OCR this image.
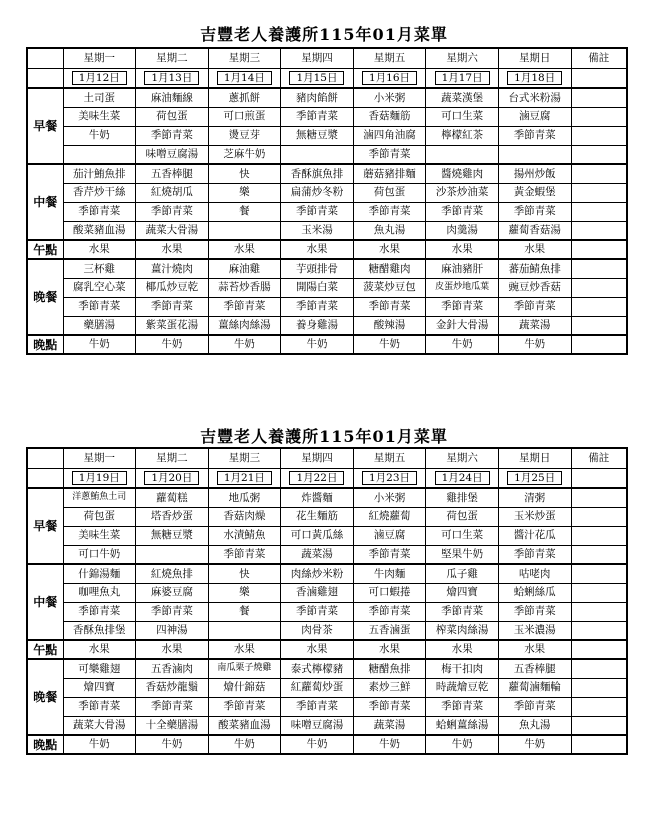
吉豐老人養護所115年01月菜單
	星期一	星期二	星期三	星期四	星期五	星期六	星期日	備註
	1月12日	1月13日	1月14日	1月15日	1月16日	1月17日	1月18日	
早餐	土司蛋	麻油麵線	蔥抓餅	豬肉餡餅	小米粥	蔬菜漢堡	台式米粉湯	
	美味生菜	荷包蛋	可口煎蛋	季節青菜	香菇麵筋	可口生菜	滷豆腐	
	牛奶	季節青菜	燙豆芽	無糖豆漿	滷四角油腐	檸檬紅茶	季節青菜	
		味噌豆腐湯	芝麻牛奶		季節青菜			
中餐	茄汁鮪魚排	五香棒腿	快	香酥旗魚排	蘑菇豬排麵	醬燒雞肉	揚州炒飯	
	香芹炒干絲	紅燒胡瓜	樂	扁蒲炒冬粉	荷包蛋	沙茶炒油菜	黃金蝦堡	
	季節青菜	季節青菜	餐	季節青菜	季節青菜	季節青菜	季節青菜	
	酸菜豬血湯	蔬菜大骨湯		玉米湯	魚丸湯	肉羹湯	蘿蔔香菇湯	
午點	水果	水果	水果	水果	水果	水果	水果	
晚餐	三杯雞	薑汁燒肉	麻油雞	芋頭排骨	糖醋雞肉	麻油豬肝	蕃茄鯖魚排	
	腐乳空心菜	椰瓜炒豆乾	蒜苔炒香腸	開陽白菜	菠菜炒豆包	皮蛋炒地瓜葉	豌豆炒香菇	
	季節青菜	季節青菜	季節青菜	季節青菜	季節青菜	季節青菜	季節青菜	
	藥膳湯	紫菜蛋花湯	薑絲肉絲湯	養身雞湯	酸辣湯	金針大骨湯	蔬菜湯	
晚點	牛奶	牛奶	牛奶	牛奶	牛奶	牛奶	牛奶	
吉豐老人養護所115年01月菜單
	星期一	星期二	星期三	星期四	星期五	星期六	星期日	備註
	1月19日	1月20日	1月21日	1月22日	1月23日	1月24日	1月25日	
早餐	洋蔥鮪魚土司	蘿蔔糕	地瓜粥	炸醬麵	小米粥	雞排堡	清粥	
	荷包蛋	塔香炒蛋	香菇肉燥	花生麵筋	紅燒蘿蔔	荷包蛋	玉米炒蛋	
	美味生菜	無糖豆漿	水漬鯖魚	可口黃瓜絲	滷豆腐	可口生菜	醬汁花瓜	
	可口牛奶		季節青菜	蔬菜湯	季節青菜	堅果牛奶	季節青菜	
中餐	什錦湯麵	紅燒魚排	快	肉絲炒米粉	牛肉麵	瓜子雞	咕咾肉	
	咖哩魚丸	麻婆豆腐	樂	香滷雞翅	可口蝦捲	燴四寶	蛤蜊絲瓜	
	季節青菜	季節青菜	餐	季節青菜	季節青菜	季節青菜	季節青菜	
	香酥魚排堡	四神湯		肉骨茶	五香滷蛋	榨菜肉絲湯	玉米濃湯	
午點	水果	水果	水果	水果	水果	水果	水果	
晚餐	可樂雞翅	五香滷肉	南瓜栗子燒雞	泰式檸檬豬	糖醋魚排	梅干扣肉	五香棒腿	
	燴四寶	香菇炒龍鬚	燴什錦菇	紅蘿蔔炒蛋	素炒三鮮	時蔬燴豆乾	蘿蔔滷麵輪	
	季節青菜	季節青菜	季節青菜	季節青菜	季節青菜	季節青菜	季節青菜	
	蔬菜大骨湯	十全藥膳湯	酸菜豬血湯	味噌豆腐湯	蔬菜湯	蛤蜊薑絲湯	魚丸湯	
晚點	牛奶	牛奶	牛奶	牛奶	牛奶	牛奶	牛奶	
